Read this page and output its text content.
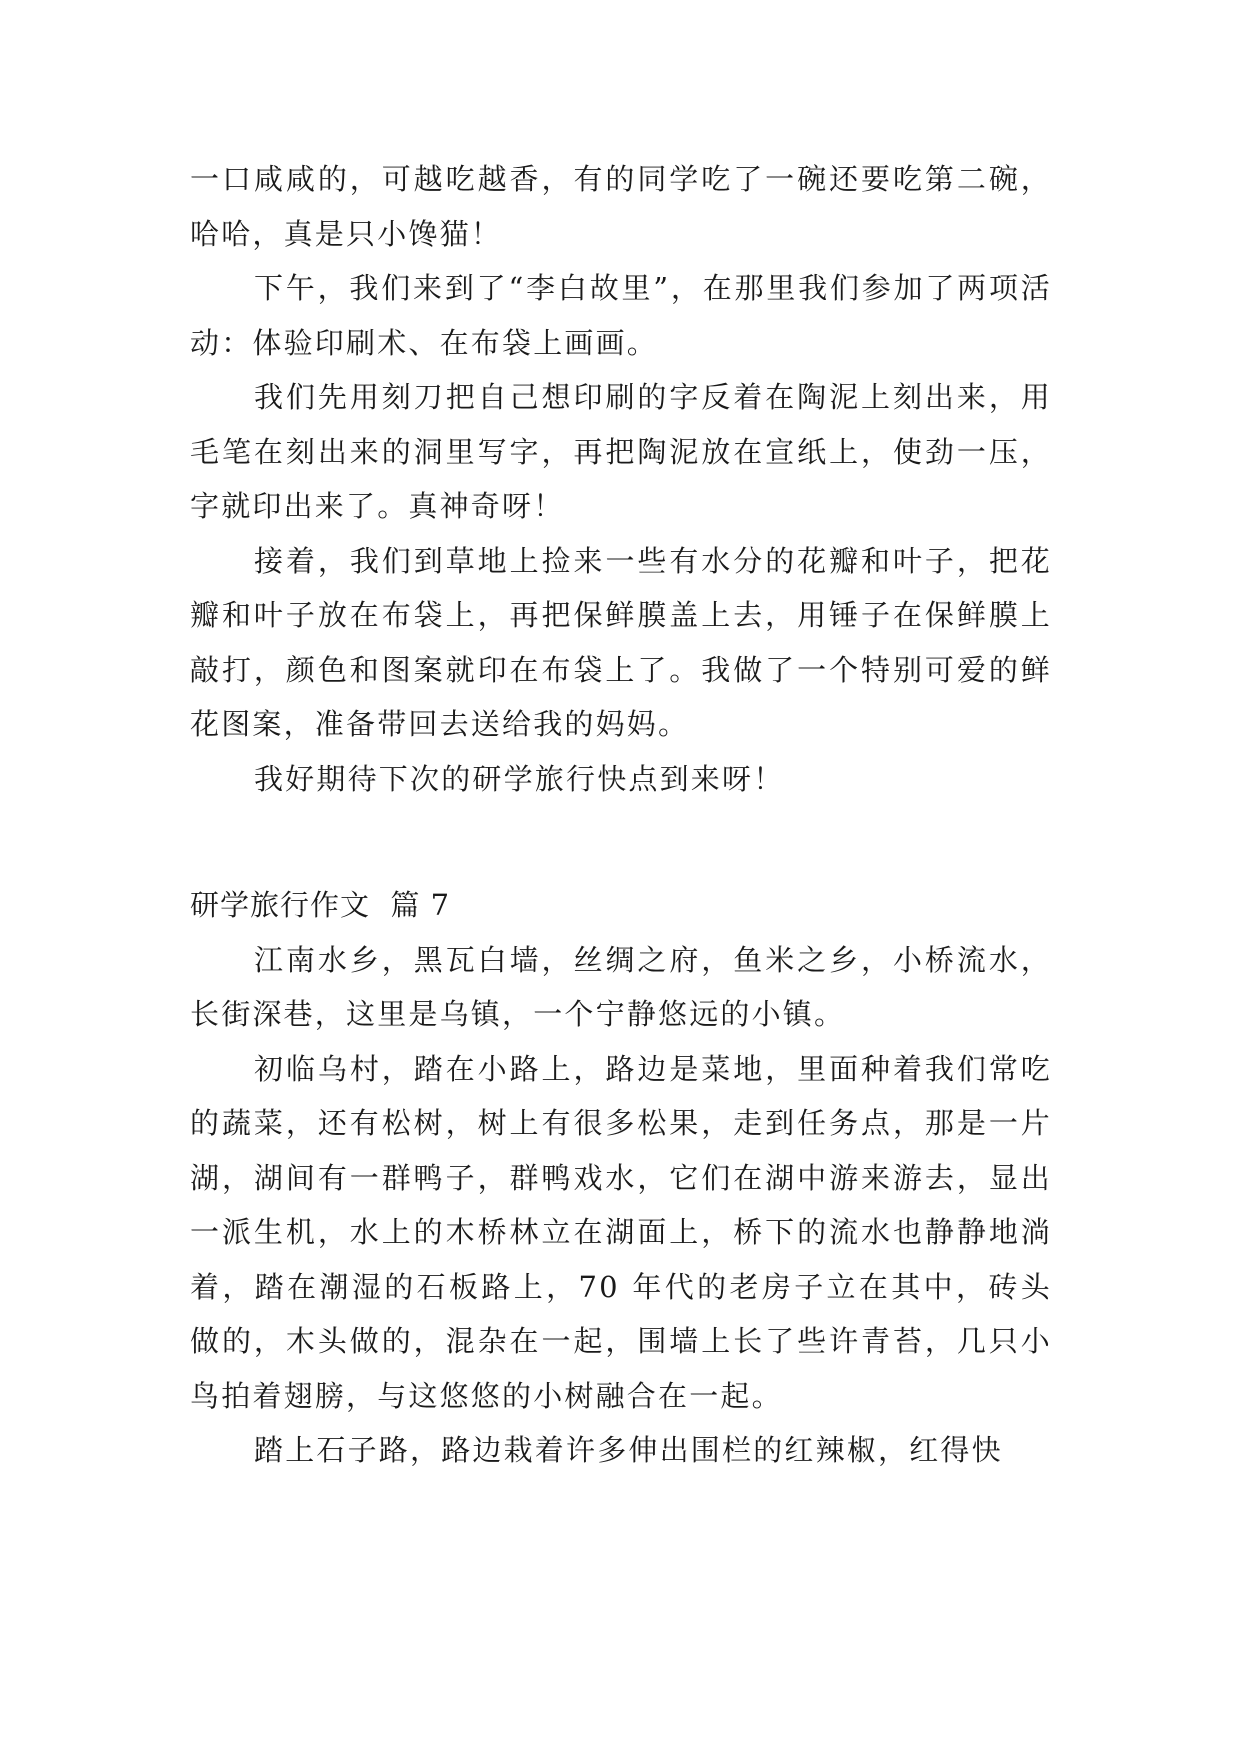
一口咸咸的，可越吃越香，有的同学吃了一碗还要吃第二碗，哈哈，真是只小馋猫！

下午，我们来到了“李白故里”，在那里我们参加了两项活动：体验印刷术、在布袋上画画。

我们先用刻刀把自己想印刷的字反着在陶泥上刻出来，用毛笔在刻出来的洞里写字，再把陶泥放在宣纸上，使劲一压，字就印出来了。真神奇呀！

接着，我们到草地上捡来一些有水分的花瓣和叶子，把花瓣和叶子放在布袋上，再把保鲜膜盖上去，用锤子在保鲜膜上敲打，颜色和图案就印在布袋上了。我做了一个特别可爱的鲜花图案，准备带回去送给我的妈妈。

我好期待下次的研学旅行快点到来呀！

研学旅行作文  篇 7

江南水乡，黑瓦白墙，丝绸之府，鱼米之乡，小桥流水，长街深巷，这里是乌镇，一个宁静悠远的小镇。

初临乌村，踏在小路上，路边是菜地，里面种着我们常吃的蔬菜，还有松树，树上有很多松果，走到任务点，那是一片湖，湖间有一群鸭子，群鸭戏水，它们在湖中游来游去，显出一派生机，水上的木桥林立在湖面上，桥下的流水也静静地淌着，踏在潮湿的石板路上，70 年代的老房子立在其中，砖头做的，木头做的，混杂在一起，围墙上长了些许青苔，几只小鸟拍着翅膀，与这悠悠的小树融合在一起。

踏上石子路，路边栽着许多伸出围栏的红辣椒，红得快
